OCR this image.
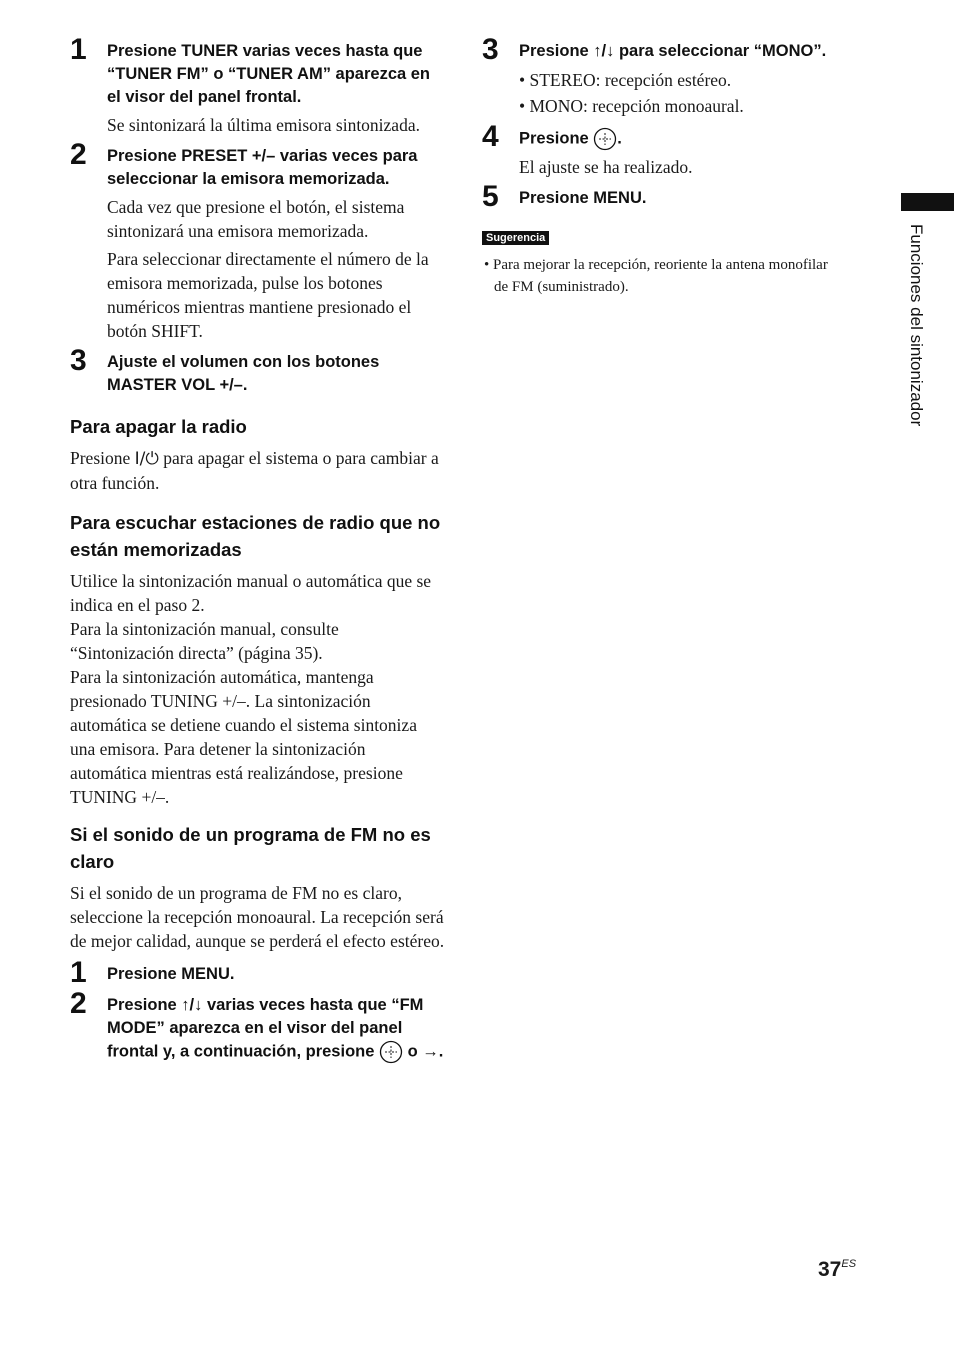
1 Presione TUNER varias veces hasta que “TUNER FM” o “TUNER AM” aparezca en el visor del panel frontal.

Se sintonizará la última emisora sintonizada.

2 Presione PRESET +/– varias veces para seleccionar la emisora memorizada.

Cada vez que presione el botón, el sistema sintonizará una emisora memorizada.

Para seleccionar directamente el número de la emisora memorizada, pulse los botones numéricos mientras mantiene presionado el botón SHIFT.

3 Ajuste el volumen con los botones MASTER VOL +/–.

Para apagar la radio

Presione I/⏻ para apagar el sistema o para cambiar a otra función.

Para escuchar estaciones de radio que no están memorizadas

Utilice la sintonización manual o automática que se indica en el paso 2.
Para la sintonización manual, consulte “Sintonización directa” (página 35).
Para la sintonización automática, mantenga presionado TUNING +/–. La sintonización automática se detiene cuando el sistema sintoniza una emisora. Para detener la sintonización automática mientras está realizándose, presione TUNING +/–.

Si el sonido de un programa de FM no es claro

Si el sonido de un programa de FM no es claro, seleccione la recepción monoaural. La recepción será de mejor calidad, aunque se perderá el efecto estéreo.

1 Presione MENU.

2 Presione ↑/↓ varias veces hasta que “FM MODE” aparezca en el visor del panel frontal y, a continuación, presione  o →.

3 Presione ↑/↓ para seleccionar “MONO”.

• STEREO: recepción estéreo.
• MONO: recepción monoaural.
4 Presione .

El ajuste se ha realizado.

5 Presione MENU.

Sugerencia

• Para mejorar la recepción, reoriente la antena monofilar de FM (suministrado).	Funciones del sintonizador
$37^{ES}$
